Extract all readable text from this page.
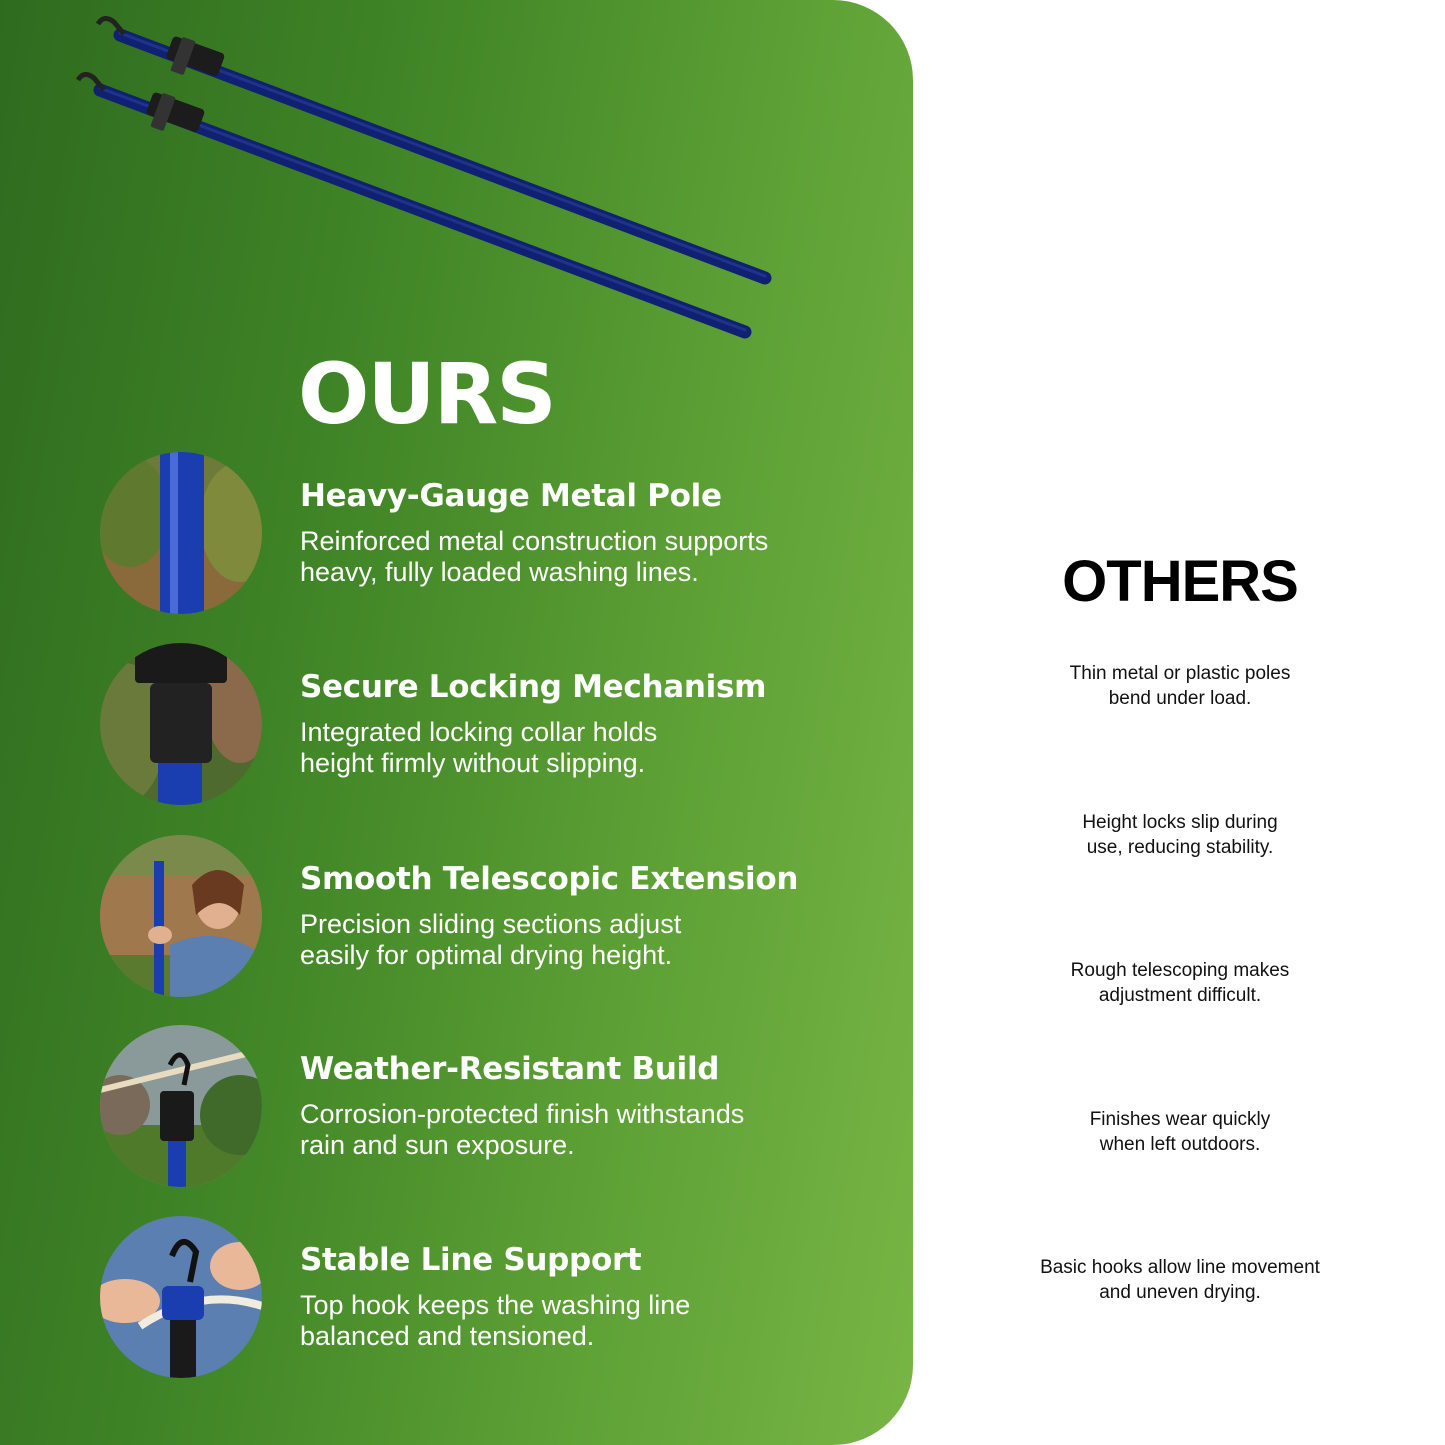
OURS
Heavy-Gauge Metal Pole

Reinforced metal construction supports
heavy, fully loaded washing lines.

Secure Locking Mechanism

Integrated locking collar holds
height firmly without slipping.

Smooth Telescopic Extension

Precision sliding sections adjust
easily for optimal drying height.

Weather-Resistant Build

Corrosion-protected finish withstands
rain and sun exposure.

Stable Line Support

Top hook keeps the washing line
balanced and tensioned.

OTHERS

Thin metal or plastic poles
bend under load.

Height locks slip during
use, reducing stability.

Rough telescoping makes
adjustment difficult.

Finishes wear quickly
when left outdoors.

Basic hooks allow line movement
and uneven drying.
